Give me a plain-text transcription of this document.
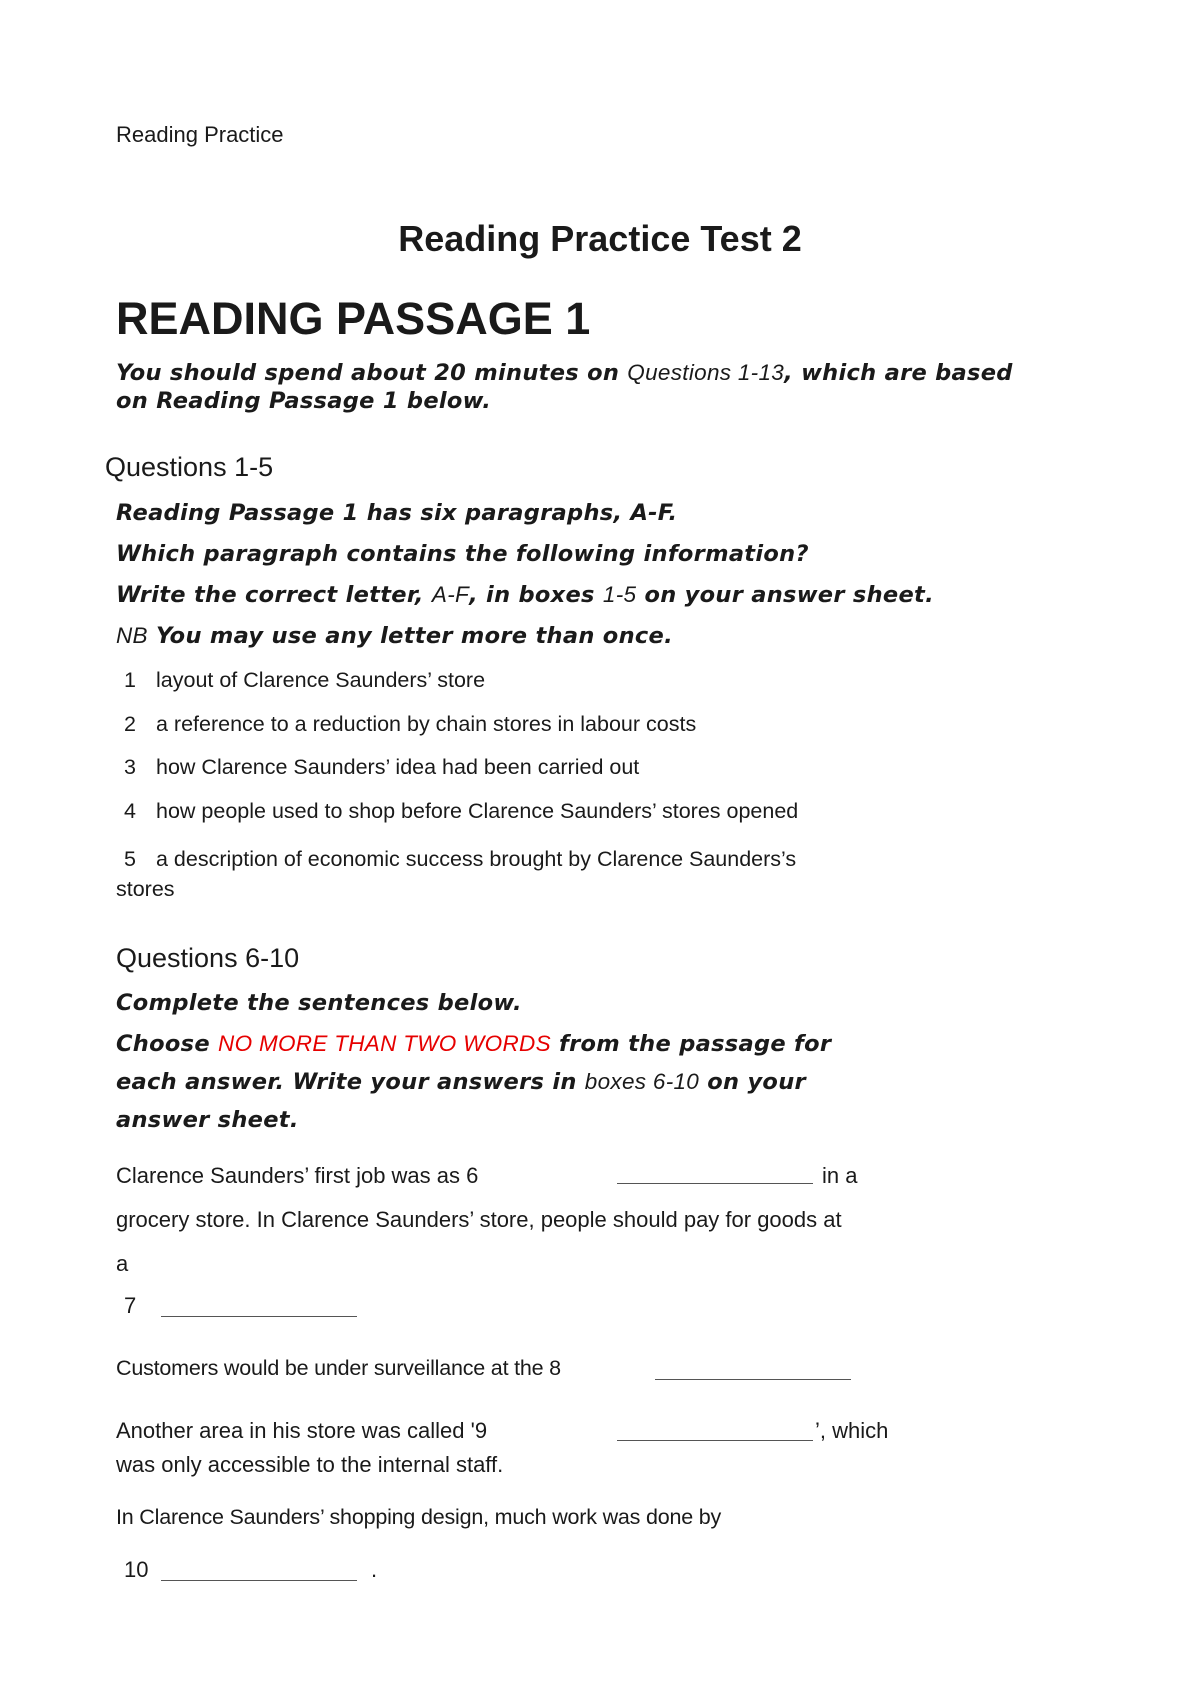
Reading Practice
Reading Practice Test 2
READING PASSAGE 1
You should spend about 20 minutes on Questions 1-13, which are based
on Reading Passage 1 below.
Questions 1-5
Reading Passage 1 has six paragraphs, A-F.
Which paragraph contains the following information?
Write the correct letter, A-F, in boxes 1-5 on your answer sheet.
NB You may use any letter more than once.
1 layout of Clarence Saunders’ store
2 a reference to a reduction by chain stores in labour costs
3 how Clarence Saunders’ idea had been carried out
4 how people used to shop before Clarence Saunders’ stores opened
5 a description of economic success brought by Clarence Saunders’s
stores
Questions 6-10
Complete the sentences below.
Choose NO MORE THAN TWO WORDS from the passage for
each answer. Write your answers in boxes 6-10 on your
answer sheet.
Clarence Saunders’ first job was as 6	in a
grocery store. In Clarence Saunders’ store, people should pay for goods at
a
7
Customers would be under surveillance at the 8
Another area in his store was called '9	’, which
was only accessible to the internal staff.
In Clarence Saunders’ shopping design, much work was done by
10	.
